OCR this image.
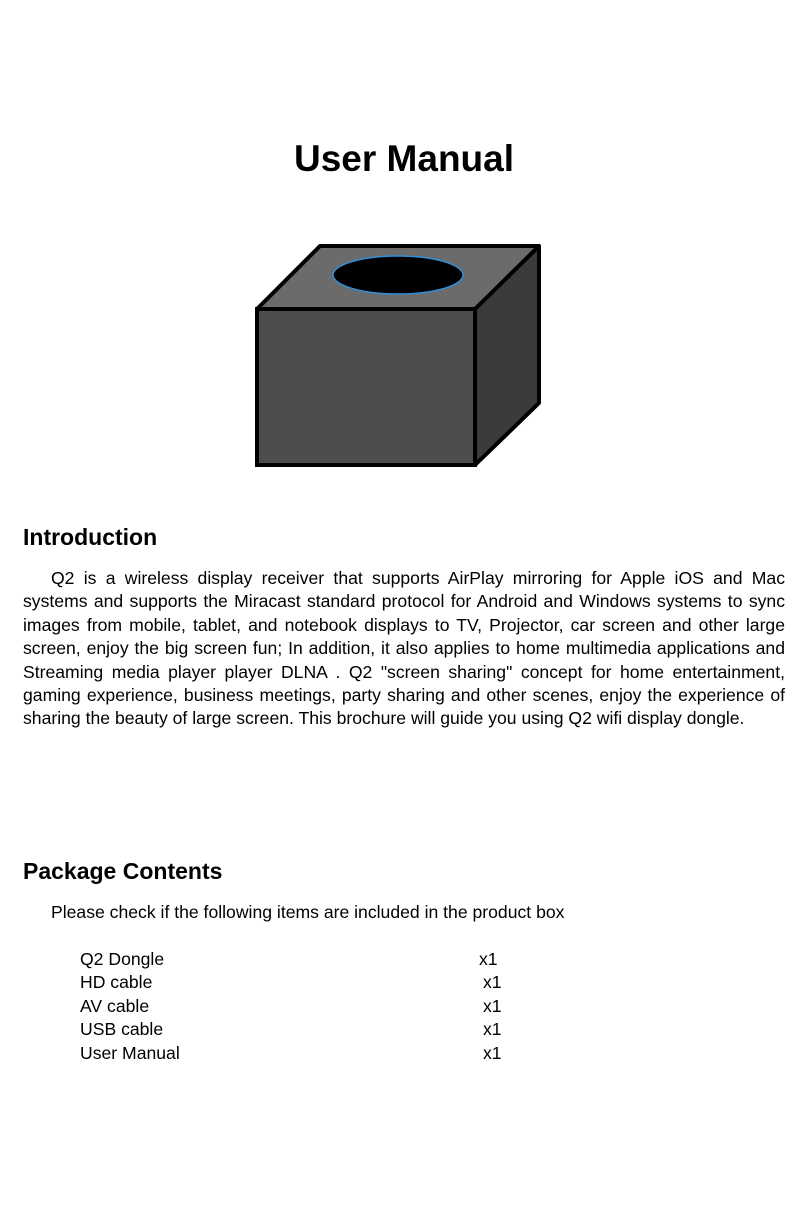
User Manual
Introduction

Q2 is a wireless display receiver that supports AirPlay mirroring for Apple iOS and Mac systems and supports the Miracast standard protocol for Android and Windows systems to sync images from mobile, tablet, and notebook displays to TV, Projector, car screen and other large screen, enjoy the big screen fun; In addition, it also applies to home multimedia applications and Streaming media player player DLNA . Q2 "screen sharing" concept for home entertainment, gaming experience, business meetings, party sharing and other scenes, enjoy the experience of sharing the beauty of large screen. This brochure will guide you using Q2 wifi display dongle.

Package Contents
Please check if the following items are included in the product box
Q2 Dongle	x1
HD cable	x1
AV cable	x1
USB cable	x1
User Manual	x1
